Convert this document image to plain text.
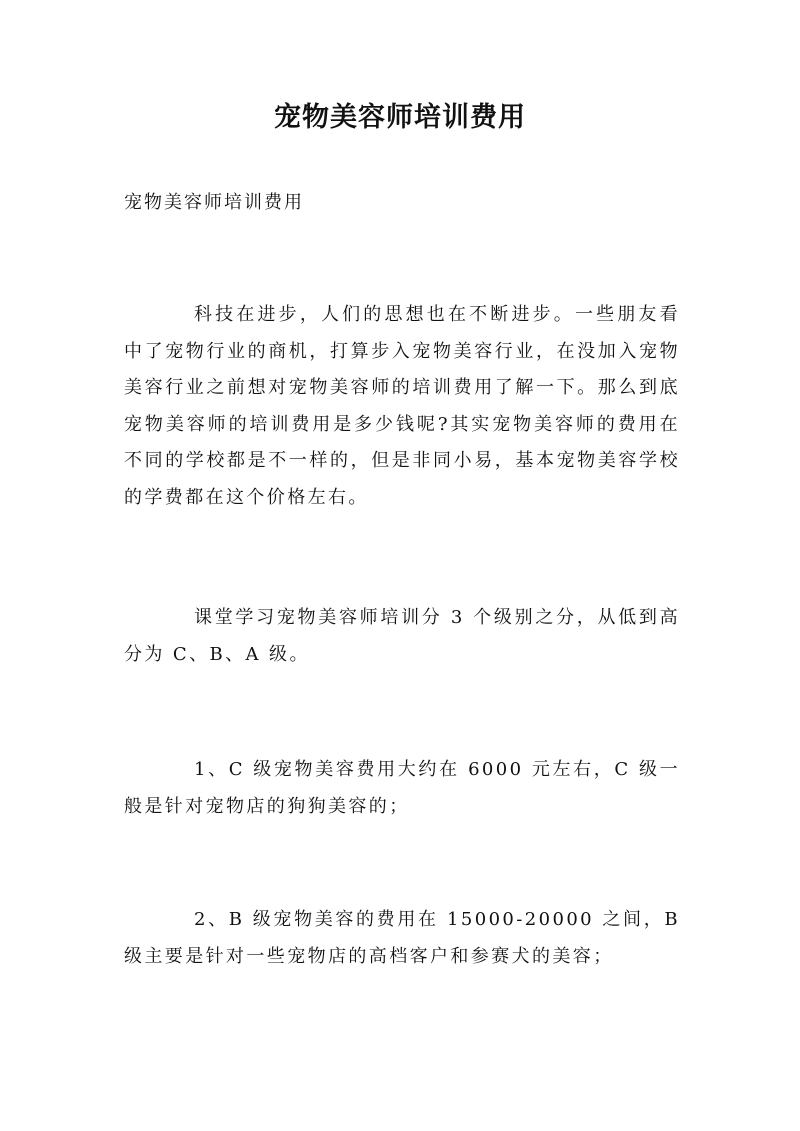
宠物美容师培训费用
宠物美容师培训费用

科技在进步，人们的思想也在不断进步。一些朋友看中了宠物行业的商机，打算步入宠物美容行业，在没加入宠物美容行业之前想对宠物美容师的培训费用了解一下。那么到底宠物美容师的培训费用是多少钱呢?其实宠物美容师的费用在不同的学校都是不一样的，但是非同小易，基本宠物美容学校的学费都在这个价格左右。

课堂学习宠物美容师培训分 3 个级别之分，从低到高分为 C、B、A 级。

1、C 级宠物美容费用大约在 6000 元左右，C 级一般是针对宠物店的狗狗美容的；

2、B 级宠物美容的费用在 15000-20000 之间，B 级主要是针对一些宠物店的高档客户和参赛犬的美容；
